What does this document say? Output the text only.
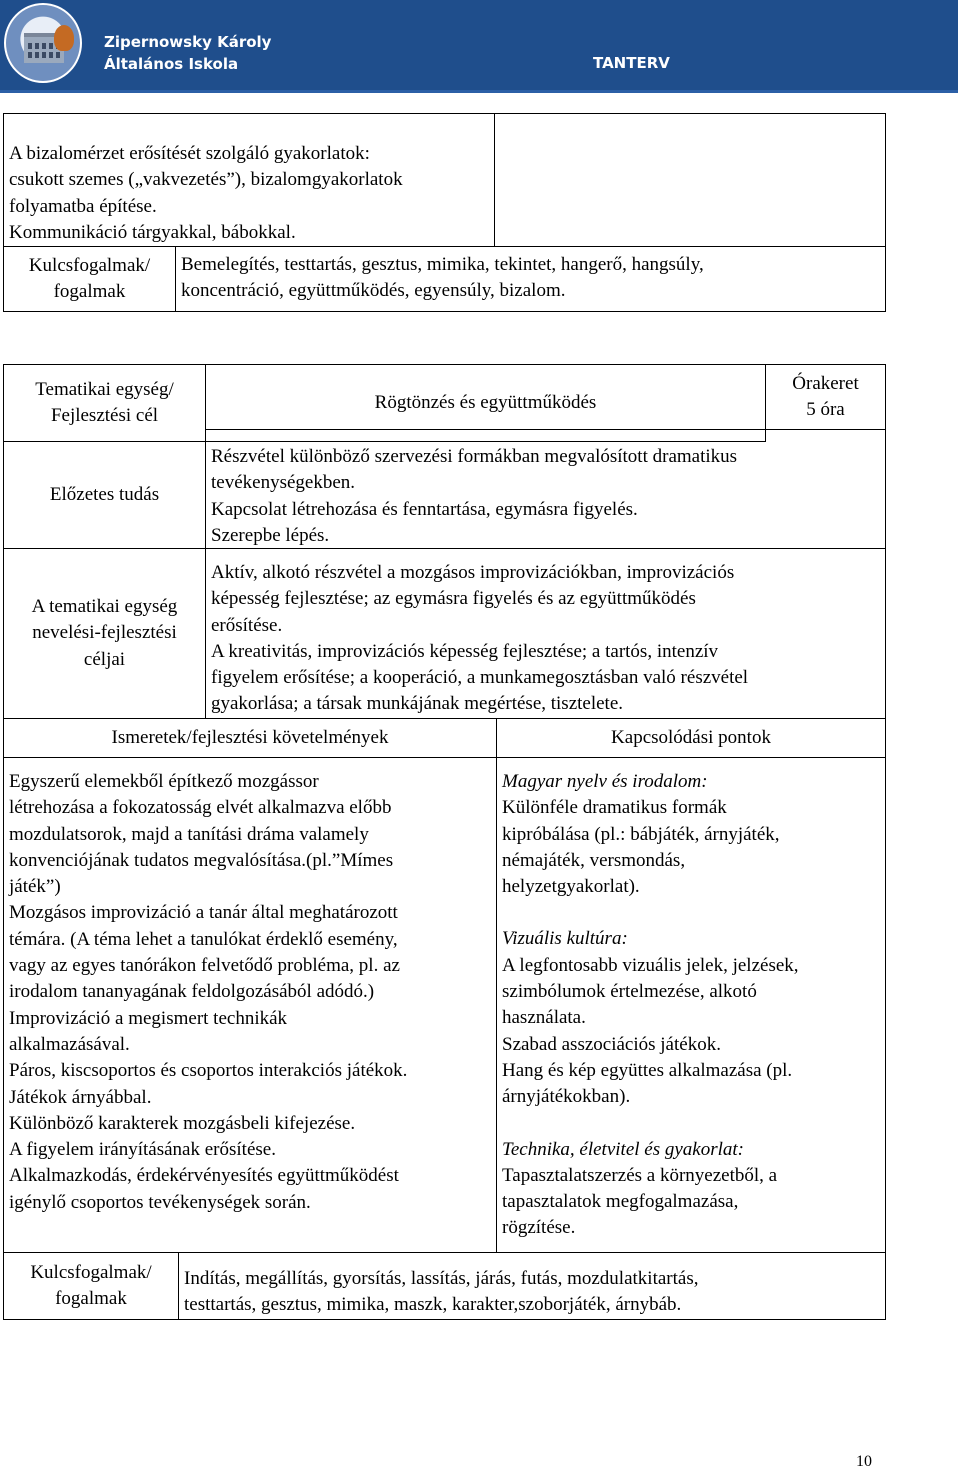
Zipernowsky Károly
Általános Iskola	TANTERV
A bizalomérzet erősítését szolgáló gyakorlatok:
csukott szemes („vakvezetés”), bizalomgyakorlatok
folyamatba építése.
Kommunikáció tárgyakkal, bábokkal.
Kulcsfogalmak/
fogalmak
Bemelegítés, testtartás, gesztus, mimika, tekintet, hangerő, hangsúly,
koncentráció, együttműködés, egyensúly, bizalom.
Tematikai egység/
Fejlesztési cél
Rögtönzés és együttműködés
Órakeret
5 óra
Előzetes tudás
Részvétel különböző szervezési formákban megvalósított dramatikus
tevékenységekben.
Kapcsolat létrehozása és fenntartása, egymásra figyelés.
Szerepbe lépés.
A tematikai egység
nevelési-fejlesztési
céljai
Aktív, alkotó részvétel a mozgásos improvizációkban, improvizációs
képesség fejlesztése; az egymásra figyelés és az együttműködés
erősítése.
A kreativitás, improvizációs képesség fejlesztése; a tartós, intenzív
figyelem erősítése; a kooperáció, a munkamegosztásban való részvétel
gyakorlása; a társak munkájának megértése, tisztelete.
Ismeretek/fejlesztési követelmények	Kapcsolódási pontok
Egyszerű elemekből építkező mozgássor
létrehozása a fokozatosság elvét alkalmazva előbb
mozdulatsorok, majd a tanítási dráma valamely
konvenciójának tudatos megvalósítása.(pl.”Mímes
játék”)
Mozgásos improvizáció a tanár által meghatározott
témára. (A téma lehet a tanulókat érdeklő esemény,
vagy az egyes tanórákon felvetődő probléma, pl. az
irodalom tananyagának feldolgozásából adódó.)
Improvizáció a megismert technikák
alkalmazásával.
Páros, kiscsoportos és csoportos interakciós játékok.
Játékok árnyábbal.
Különböző karakterek mozgásbeli kifejezése.
A figyelem irányításának erősítése.
Alkalmazkodás, érdekérvényesítés együttműködést
igénylő csoportos tevékenységek során.
Magyar nyelv és irodalom:
Különféle dramatikus formák
kipróbálása (pl.: bábjáték, árnyjáték,
némajáték, versmondás,
helyzetgyakorlat).
Vizuális kultúra:
A legfontosabb vizuális jelek, jelzések,
szimbólumok értelmezése, alkotó
használata.
Szabad asszociációs játékok.
Hang és kép együttes alkalmazása (pl.
árnyjátékokban).
Technika, életvitel és gyakorlat:
Tapasztalatszerzés a környezetből, a
tapasztalatok megfogalmazása,
rögzítése.
Kulcsfogalmak/
fogalmak
Indítás, megállítás, gyorsítás, lassítás, járás, futás, mozdulatkitartás,
testtartás, gesztus, mimika, maszk, karakter,szoborjáték, árnybáb.
10
